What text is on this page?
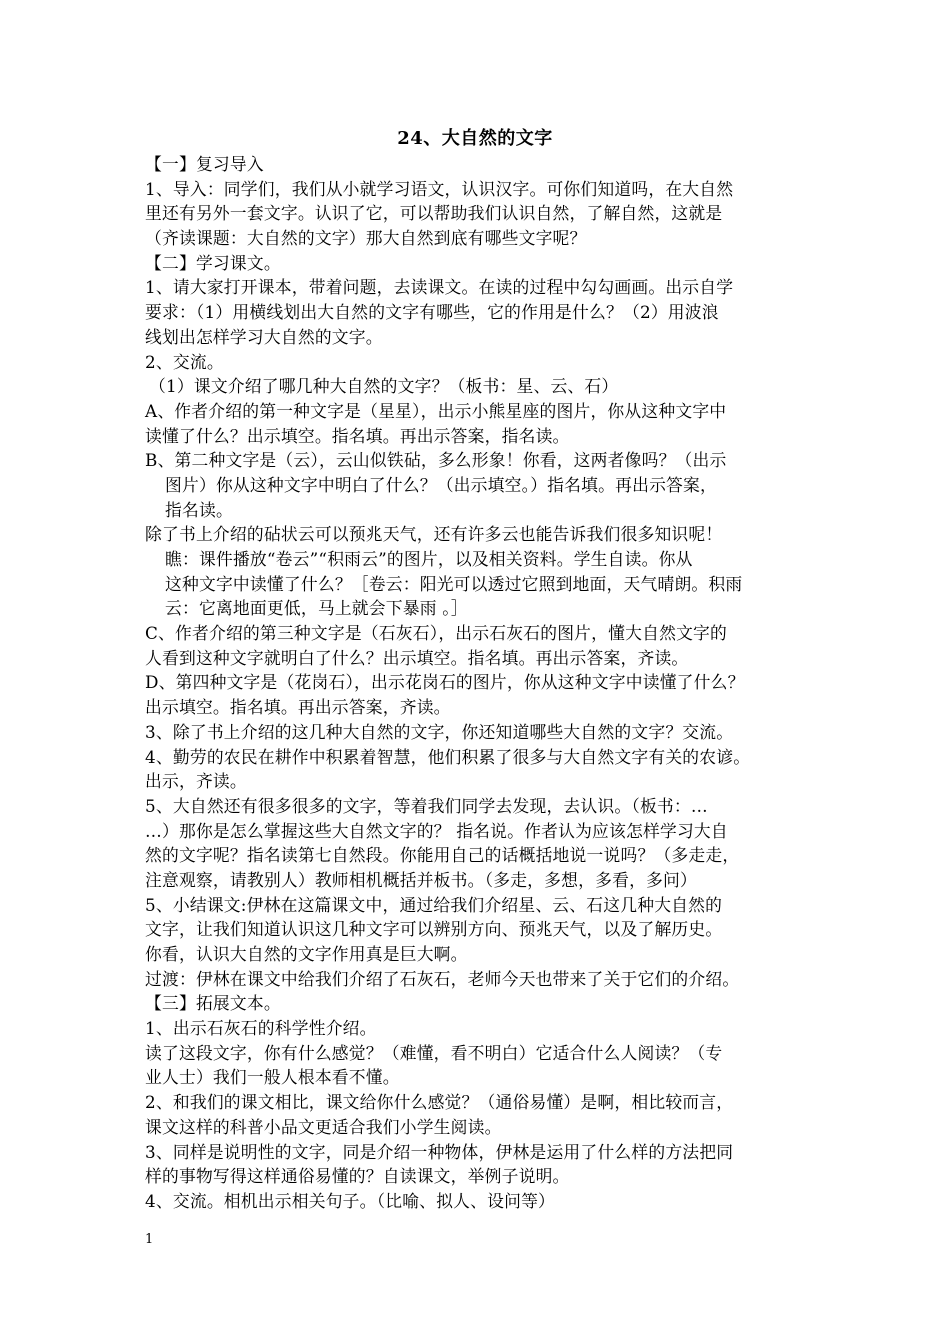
24、大自然的文字
【一】复习导入
1、导入：同学们，我们从小就学习语文，认识汉字。可你们知道吗，在大自然
里还有另外一套文字。认识了它，可以帮助我们认识自然，了解自然，这就是
（齐读课题：大自然的文字）那大自然到底有哪些文字呢？
【二】学习课文。
1、请大家打开课本，带着问题，去读课文。在读的过程中勾勾画画。出示自学
要求：（1）用横线划出大自然的文字有哪些，它的作用是什么？（2）用波浪
线划出怎样学习大自然的文字。
2、交流。
（1）课文介绍了哪几种大自然的文字？（板书：星、云、石）
A、作者介绍的第一种文字是（星星），出示小熊星座的图片，你从这种文字中
读懂了什么？出示填空。指名填。再出示答案，指名读。
B、第二种文字是（云），云山似铁砧，多么形象！你看，这两者像吗？（出示
图片）你从这种文字中明白了什么？（出示填空。）指名填。再出示答案，
指名读。
除了书上介绍的砧状云可以预兆天气，还有许多云也能告诉我们很多知识呢！
瞧：课件播放“卷云”“积雨云”的图片，以及相关资料。学生自读。你从
这种文字中读懂了什么？［卷云：阳光可以透过它照到地面，天气晴朗。积雨
云：它离地面更低，马上就会下暴雨 。］
C、作者介绍的第三种文字是（石灰石），出示石灰石的图片，懂大自然文字的
人看到这种文字就明白了什么？出示填空。指名填。再出示答案，齐读。
D、第四种文字是（花岗石），出示花岗石的图片，你从这种文字中读懂了什么？
出示填空。指名填。再出示答案，齐读。
3、除了书上介绍的这几种大自然的文字，你还知道哪些大自然的文字？交流。
4、勤劳的农民在耕作中积累着智慧，他们积累了很多与大自然文字有关的农谚。
出示，齐读。
5、大自然还有很多很多的文字，等着我们同学去发现，去认识。（板书：…
…）那你是怎么掌握这些大自然文字的？ 指名说。作者认为应该怎样学习大自
然的文字呢？指名读第七自然段。你能用自己的话概括地说一说吗？（多走走，
注意观察，请教别人）教师相机概括并板书。（多走，多想，多看，多问）
5、小结课文:伊林在这篇课文中，通过给我们介绍星、云、石这几种大自然的
文字，让我们知道认识这几种文字可以辨别方向、预兆天气，以及了解历史。
你看，认识大自然的文字作用真是巨大啊。
过渡：伊林在课文中给我们介绍了石灰石，老师今天也带来了关于它们的介绍。
【三】拓展文本。
1、出示石灰石的科学性介绍。
读了这段文字，你有什么感觉？（难懂，看不明白）它适合什么人阅读？（专
业人士）我们一般人根本看不懂。
2、和我们的课文相比，课文给你什么感觉？（通俗易懂）是啊，相比较而言，
课文这样的科普小品文更适合我们小学生阅读。
3、同样是说明性的文字，同是介绍一种物体，伊林是运用了什么样的方法把同
样的事物写得这样通俗易懂的？自读课文，举例子说明。
4、交流。相机出示相关句子。（比喻、拟人、设问等）
1
